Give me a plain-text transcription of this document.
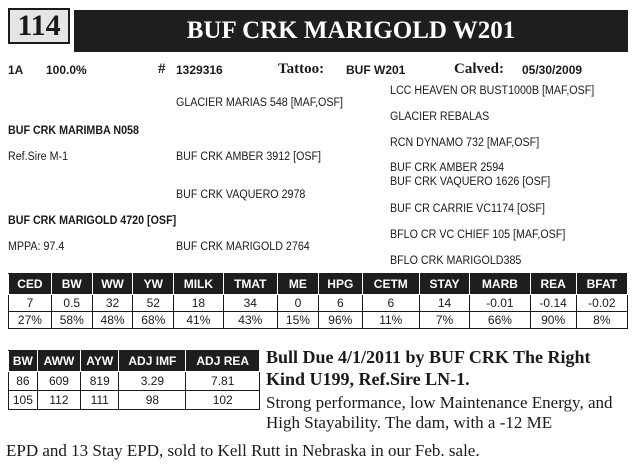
114	BUF CRK MARIGOLD W201
1A 100.0%	# 1329316	Tattoo: BUF W201	Calved: 05/30/2009
LCC HEAVEN OR BUST1000B [MAF,OSF]
GLACIER MARIAS 548 [MAF,OSF]
GLACIER REBALAS
BUF CRK MARIMBA N058
RCN DYNAMO 732 [MAF,OSF]
Ref.Sire M-1	BUF CRK AMBER 3912 [OSF]
BUF CRK AMBER 2594
BUF CRK VAQUERO 1626 [OSF]
BUF CRK VAQUERO 2978
BUF CR CARRIE VC1174 [OSF]
BUF CRK MARIGOLD 4720 [OSF]
BFLO CR VC CHIEF 105 [MAF,OSF]
MPPA: 97.4	BUF CRK MARIGOLD 2764
BFLO CRK MARIGOLD385
CED	BW	WW	YW	MILK	TMAT	ME	HPG	CETM	STAY	MARB	REA	BFAT
7	0.5	32	52	18	34	0	6	6	14	-0.01	-0.14	-0.02
27%	58%	48%	68%	41%	43%	15%	96%	11%	7%	66%	90%	8%
BW	AWW	AYW	ADJ IMF	ADJ REA
86	609	819	3.29	7.81
105	112	111	98	102
Bull Due 4/1/2011 by BUF CRK The Right Kind U199, Ref.Sire LN-1.
Strong performance, low Maintenance Energy, and High Stayability. The dam, with a -12 ME
EPD and 13 Stay EPD, sold to Kell Rutt in Nebraska in our Feb. sale.
